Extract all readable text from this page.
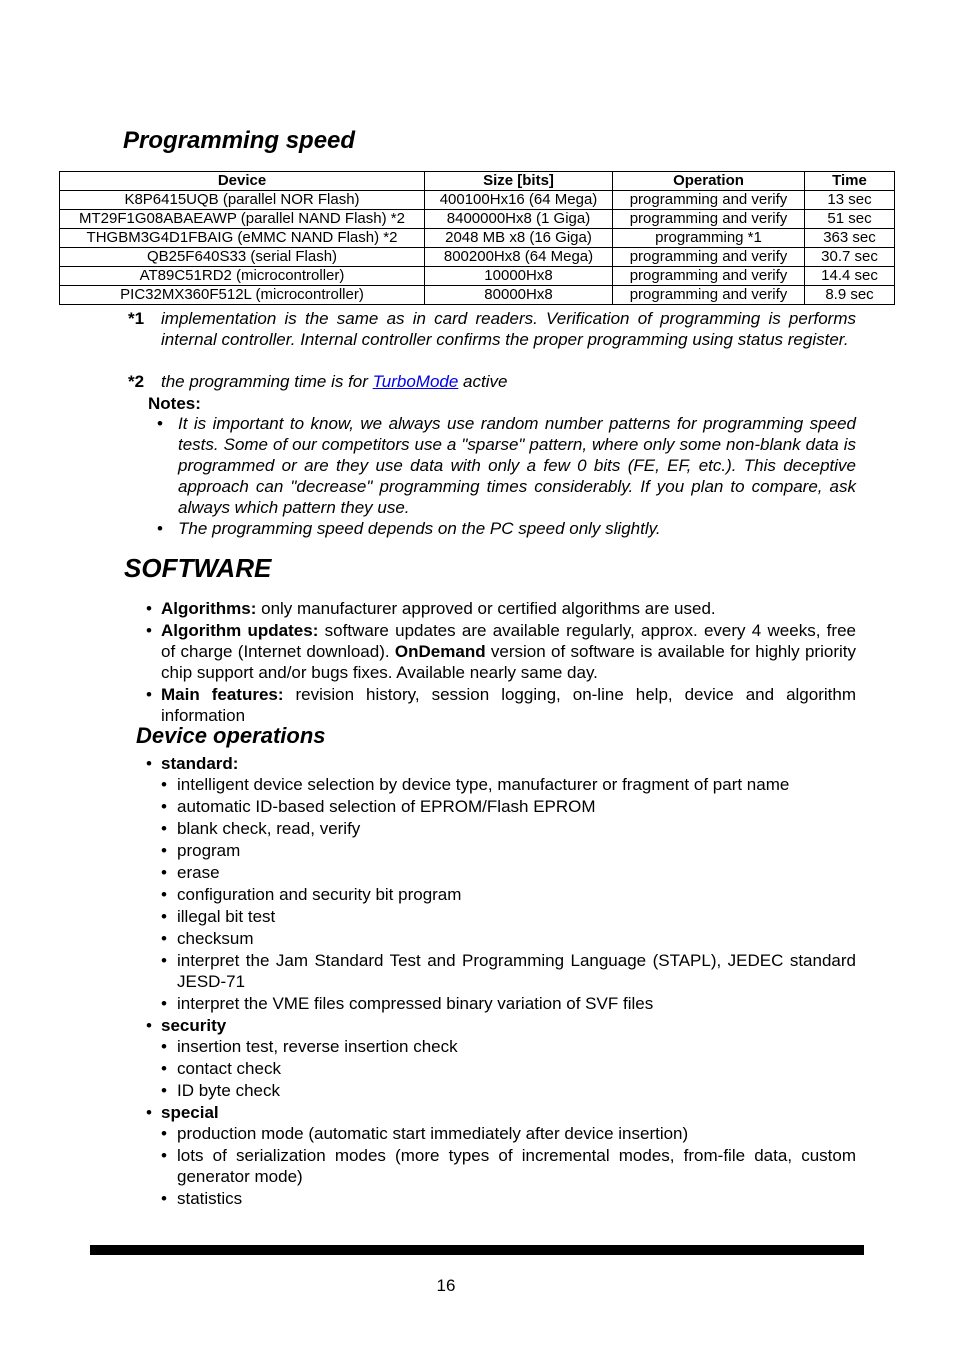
Programming speed
Device	Size [bits]	Operation	Time
K8P6415UQB (parallel NOR Flash)	400100Hx16 (64 Mega)	programming and verify	13 sec
MT29F1G08ABAEAWP (parallel NAND Flash) *2	8400000Hx8 (1 Giga)	programming and verify	51 sec
THGBM3G4D1FBAIG (eMMC NAND Flash) *2	2048 MB x8 (16 Giga)	programming *1	363 sec
QB25F640S33 (serial Flash)	800200Hx8 (64 Mega)	programming and verify	30.7 sec
AT89C51RD2 (microcontroller)	10000Hx8	programming and verify	14.4 sec
PIC32MX360F512L (microcontroller)	80000Hx8	programming and verify	8.9 sec
*1 implementation is the same as in card readers. Verification of programming is performs internal controller. Internal controller confirms the proper programming using status register.
*2 the programming time is for TurboMode active
Notes:
• It is important to know, we always use random number patterns for programming speed tests. Some of our competitors use a "sparse" pattern, where only some non-blank data is programmed or are they use data with only a few 0 bits (FE, EF, etc.). This deceptive approach can "decrease" programming times considerably. If you plan to compare, ask always which pattern they use.
• The programming speed depends on the PC speed only slightly.
SOFTWARE
• Algorithms: only manufacturer approved or certified algorithms are used.
• Algorithm updates: software updates are available regularly, approx. every 4 weeks, free of charge (Internet download). OnDemand version of software is available for highly priority chip support and/or bugs fixes. Available nearly same day.
• Main features: revision history, session logging, on-line help, device and algorithm information
Device operations
• standard:
• intelligent device selection by device type, manufacturer or fragment of part name
• automatic ID-based selection of EPROM/Flash EPROM
• blank check, read, verify
• program
• erase
• configuration and security bit program
• illegal bit test
• checksum
• interpret the Jam Standard Test and Programming Language (STAPL), JEDEC standard JESD-71
• interpret the VME files compressed binary variation of SVF files
• security
• insertion test, reverse insertion check
• contact check
• ID byte check
• special
• production mode (automatic start immediately after device insertion)
• lots of serialization modes (more types of incremental modes, from-file data, custom generator mode)
• statistics
16
